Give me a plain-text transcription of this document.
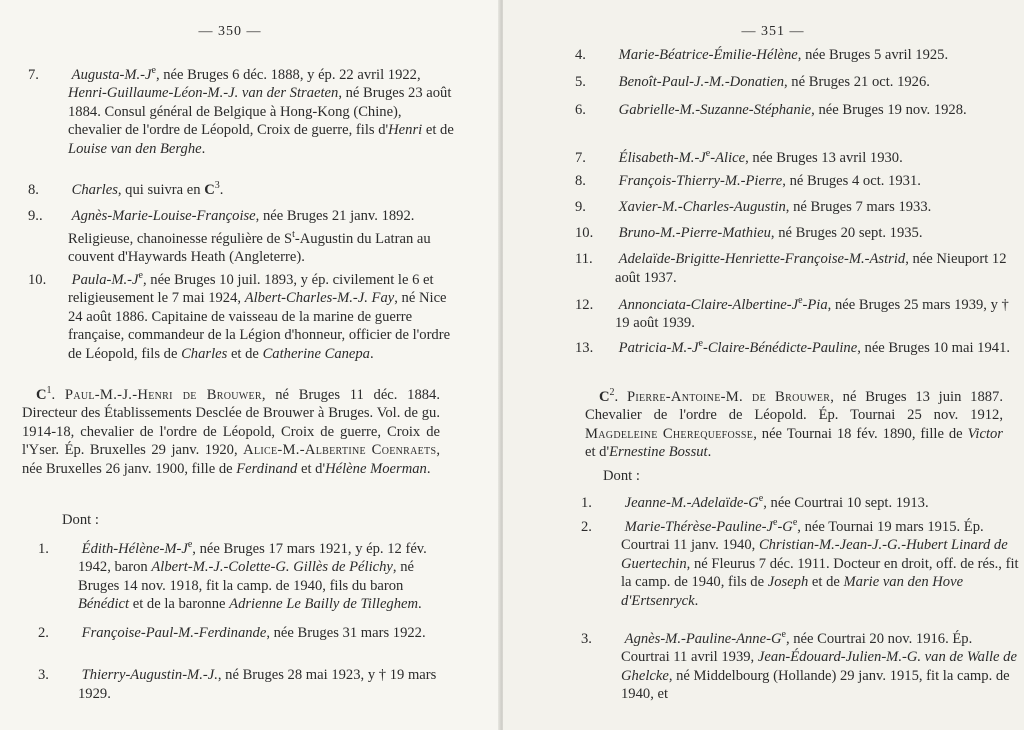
— 350 —
7. Augusta-$M.-J^e$, née Bruges 6 déc. 1888, y ép. 22 avril 1922, Henri-Guillaume-Léon-M.-J. van der Straeten, né Bruges 23 août 1884. Consul général de Belgique à Hong-Kong (Chine), chevalier de l'ordre de Léopold, Croix de guerre, fils d'Henri et de Louise van den Berghe.
8. Charles, qui suivra en $C^3$.
9.. Agnès-Marie-Louise-Françoise, née Bruges 21 janv. 1892. Religieuse, chanoinesse régulière de $S^t$-Augustin du Latran au couvent d'Haywards Heath (Angleterre).
10. Paula-$M.-J^e$, née Bruges 10 juil. 1893, y ép. civilement le 6 et religieusement le 7 mai 1924, Albert-Charles-M.-J. Fay, né Nice 24 août 1886. Capitaine de vaisseau de la marine de guerre française, commandeur de la Légion d'honneur, officier de l'ordre de Léopold, fils de Charles et de Catherine Canepa.
$C^1$. Paul-M.-J.-Henri de Brouwer, né Bruges 11 déc. 1884. Directeur des Établissements Desclée de Brouwer à Bruges. Vol. de gu. 1914-18, chevalier de l'ordre de Léopold, Croix de guerre, Croix de l'Yser. Ép. Bruxelles 29 janv. 1920, Alice-M.-Albertine Coenraets, née Bruxelles 26 janv. 1900, fille de Ferdinand et d'Hélène Moerman.
Dont :
1. Édith-$Hélène-M-J^e$, née Bruges 17 mars 1921, y ép. 12 fév. 1942, baron Albert-M.-J.-Colette-G. Gillès de Pélichy, né Bruges 14 nov. 1918, fit la camp. de 1940, fils du baron Bénédict et de la baronne Adrienne Le Bailly de Tilleghem.
2. Françoise-Paul-M.-Ferdinande, née Bruges 31 mars 1922.
3. Thierry-Augustin-M.-J., né Bruges 28 mai 1923, y † 19 mars 1929.
— 351 —
4. Marie-Béatrice-Émilie-Hélène, née Bruges 5 avril 1925.
5. Benoît-Paul-J.-M.-Donatien, né Bruges 21 oct. 1926.
6. Gabrielle-M.-Suzanne-Stéphanie, née Bruges 19 nov. 1928.
7. Élisabeth-$M.-J^e$-Alice, née Bruges 13 avril 1930.
8. François-Thierry-M.-Pierre, né Bruges 4 oct. 1931.
9. Xavier-M.-Charles-Augustin, né Bruges 7 mars 1933.
10. Bruno-M.-Pierre-Mathieu, né Bruges 20 sept. 1935.
11. Adelaïde-Brigitte-Henriette-Françoise-M.-Astrid, née Nieuport 12 août 1937.
12. Annonciata-$Claire-Albertine-J^e$-Pia, née Bruges 25 mars 1939, y † 19 août 1939.
13. Patricia-$M.-J^e-Claire-Bénédicte$-Pauline, née Bruges 10 mai 1941.
$C^2$. Pierre-Antoine-M. de Brouwer, né Bruges 13 juin 1887. Chevalier de l'ordre de Léopold. Ép. Tournai 25 nov. 1912, Magdeleine Cherequefosse, née Tournai 18 fév. 1890, fille de Victor et d'Ernestine Bossut.
Dont :
1. Jeanne-$M.-Adelaïde-G^e$, née Courtrai 10 sept. 1913.
2. Marie-$Thérèse-Pauline-J^e-G^e$, née Tournai 19 mars 1915. Ép. Courtrai 11 janv. 1940, Christian-M.-Jean-J.-G.-Hubert Linard de Guertechin, né Fleurus 7 déc. 1911. Docteur en droit, off. de rés., fit la camp. de 1940, fils de Joseph et de Marie van den Hove d'Ertsenryck.
3. Agnès-$M.-Pauline-Anne-G^e$, née Courtrai 20 nov. 1916. Ép. Courtrai 11 avril 1939, Jean-Édouard-Julien-M.-G. van de Walle de Ghelcke, né Middelbourg (Hollande) 29 janv. 1915, fit la camp. de 1940, et
